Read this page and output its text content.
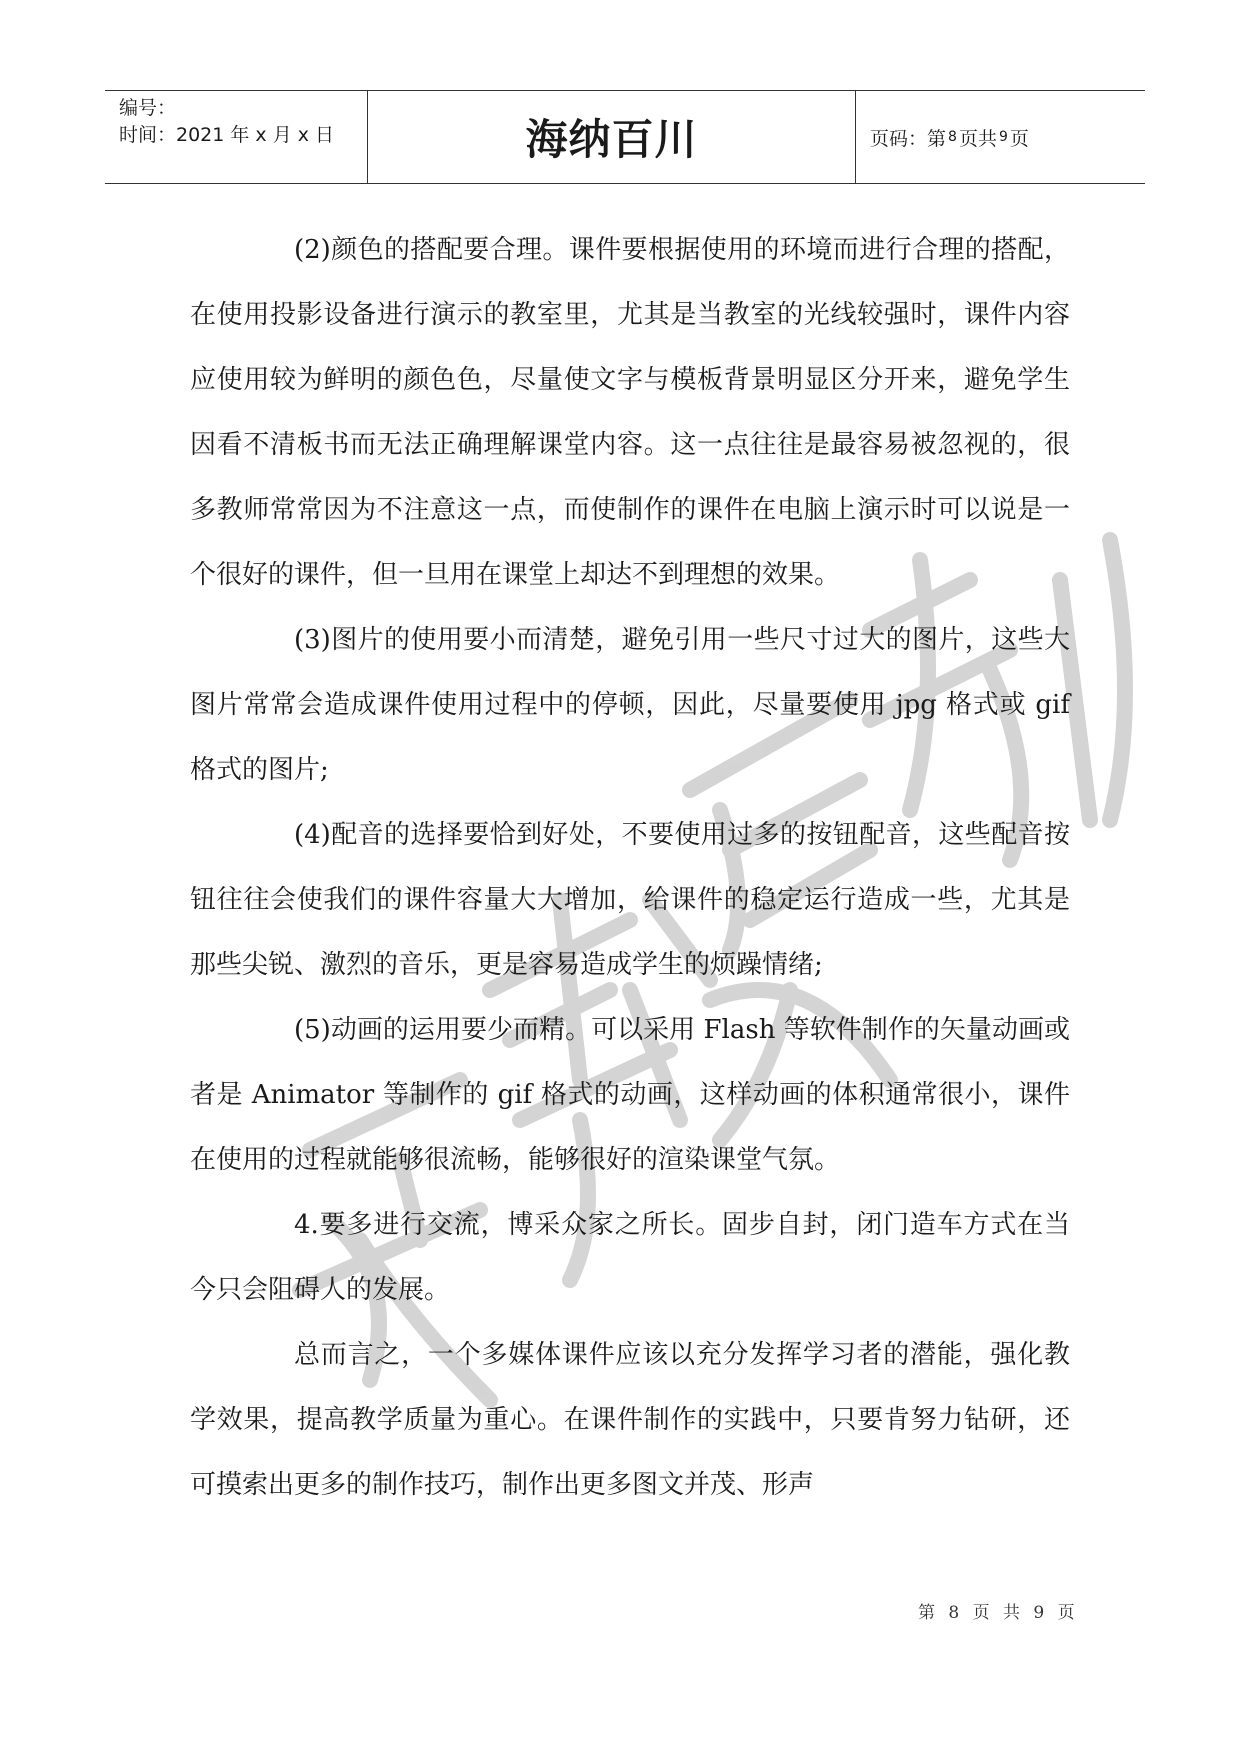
编号：
时间：2021 年 x 月 x 日	海纳百川	页码：第 8 页共 9 页

(2)颜色的搭配要合理。课件要根据使用的环境而进行合理的搭配，在使用投影设备进行演示的教室里，尤其是当教室的光线较强时，课件内容应使用较为鲜明的颜色色，尽量使文字与模板背景明显区分开来，避免学生因看不清板书而无法正确理解课堂内容。这一点往往是最容易被忽视的，很多教师常常因为不注意这一点，而使制作的课件在电脑上演示时可以说是一个很好的课件，但一旦用在课堂上却达不到理想的效果。

(3)图片的使用要小而清楚，避免引用一些尺寸过大的图片，这些大图片常常会造成课件使用过程中的停顿，因此，尽量要使用 jpg 格式或 gif 格式的图片;

(4)配音的选择要恰到好处，不要使用过多的按钮配音，这些配音按钮往往会使我们的课件容量大大增加，给课件的稳定运行造成一些，尤其是那些尖锐、激烈的音乐，更是容易造成学生的烦躁情绪;

(5)动画的运用要少而精。可以采用 Flash 等软件制作的矢量动画或者是 Animator 等制作的 gif 格式的动画，这样动画的体积通常很小，课件在使用的过程就能够很流畅，能够很好的渲染课堂气氛。

4.要多进行交流，博采众家之所长。固步自封，闭门造车方式在当今只会阻碍人的发展。

总而言之，一个多媒体课件应该以充分发挥学习者的潜能，强化教学效果，提高教学质量为重心。在课件制作的实践中，只要肯努力钻研，还可摸索出更多的制作技巧，制作出更多图文并茂、形声

第 8 页 共 9 页
